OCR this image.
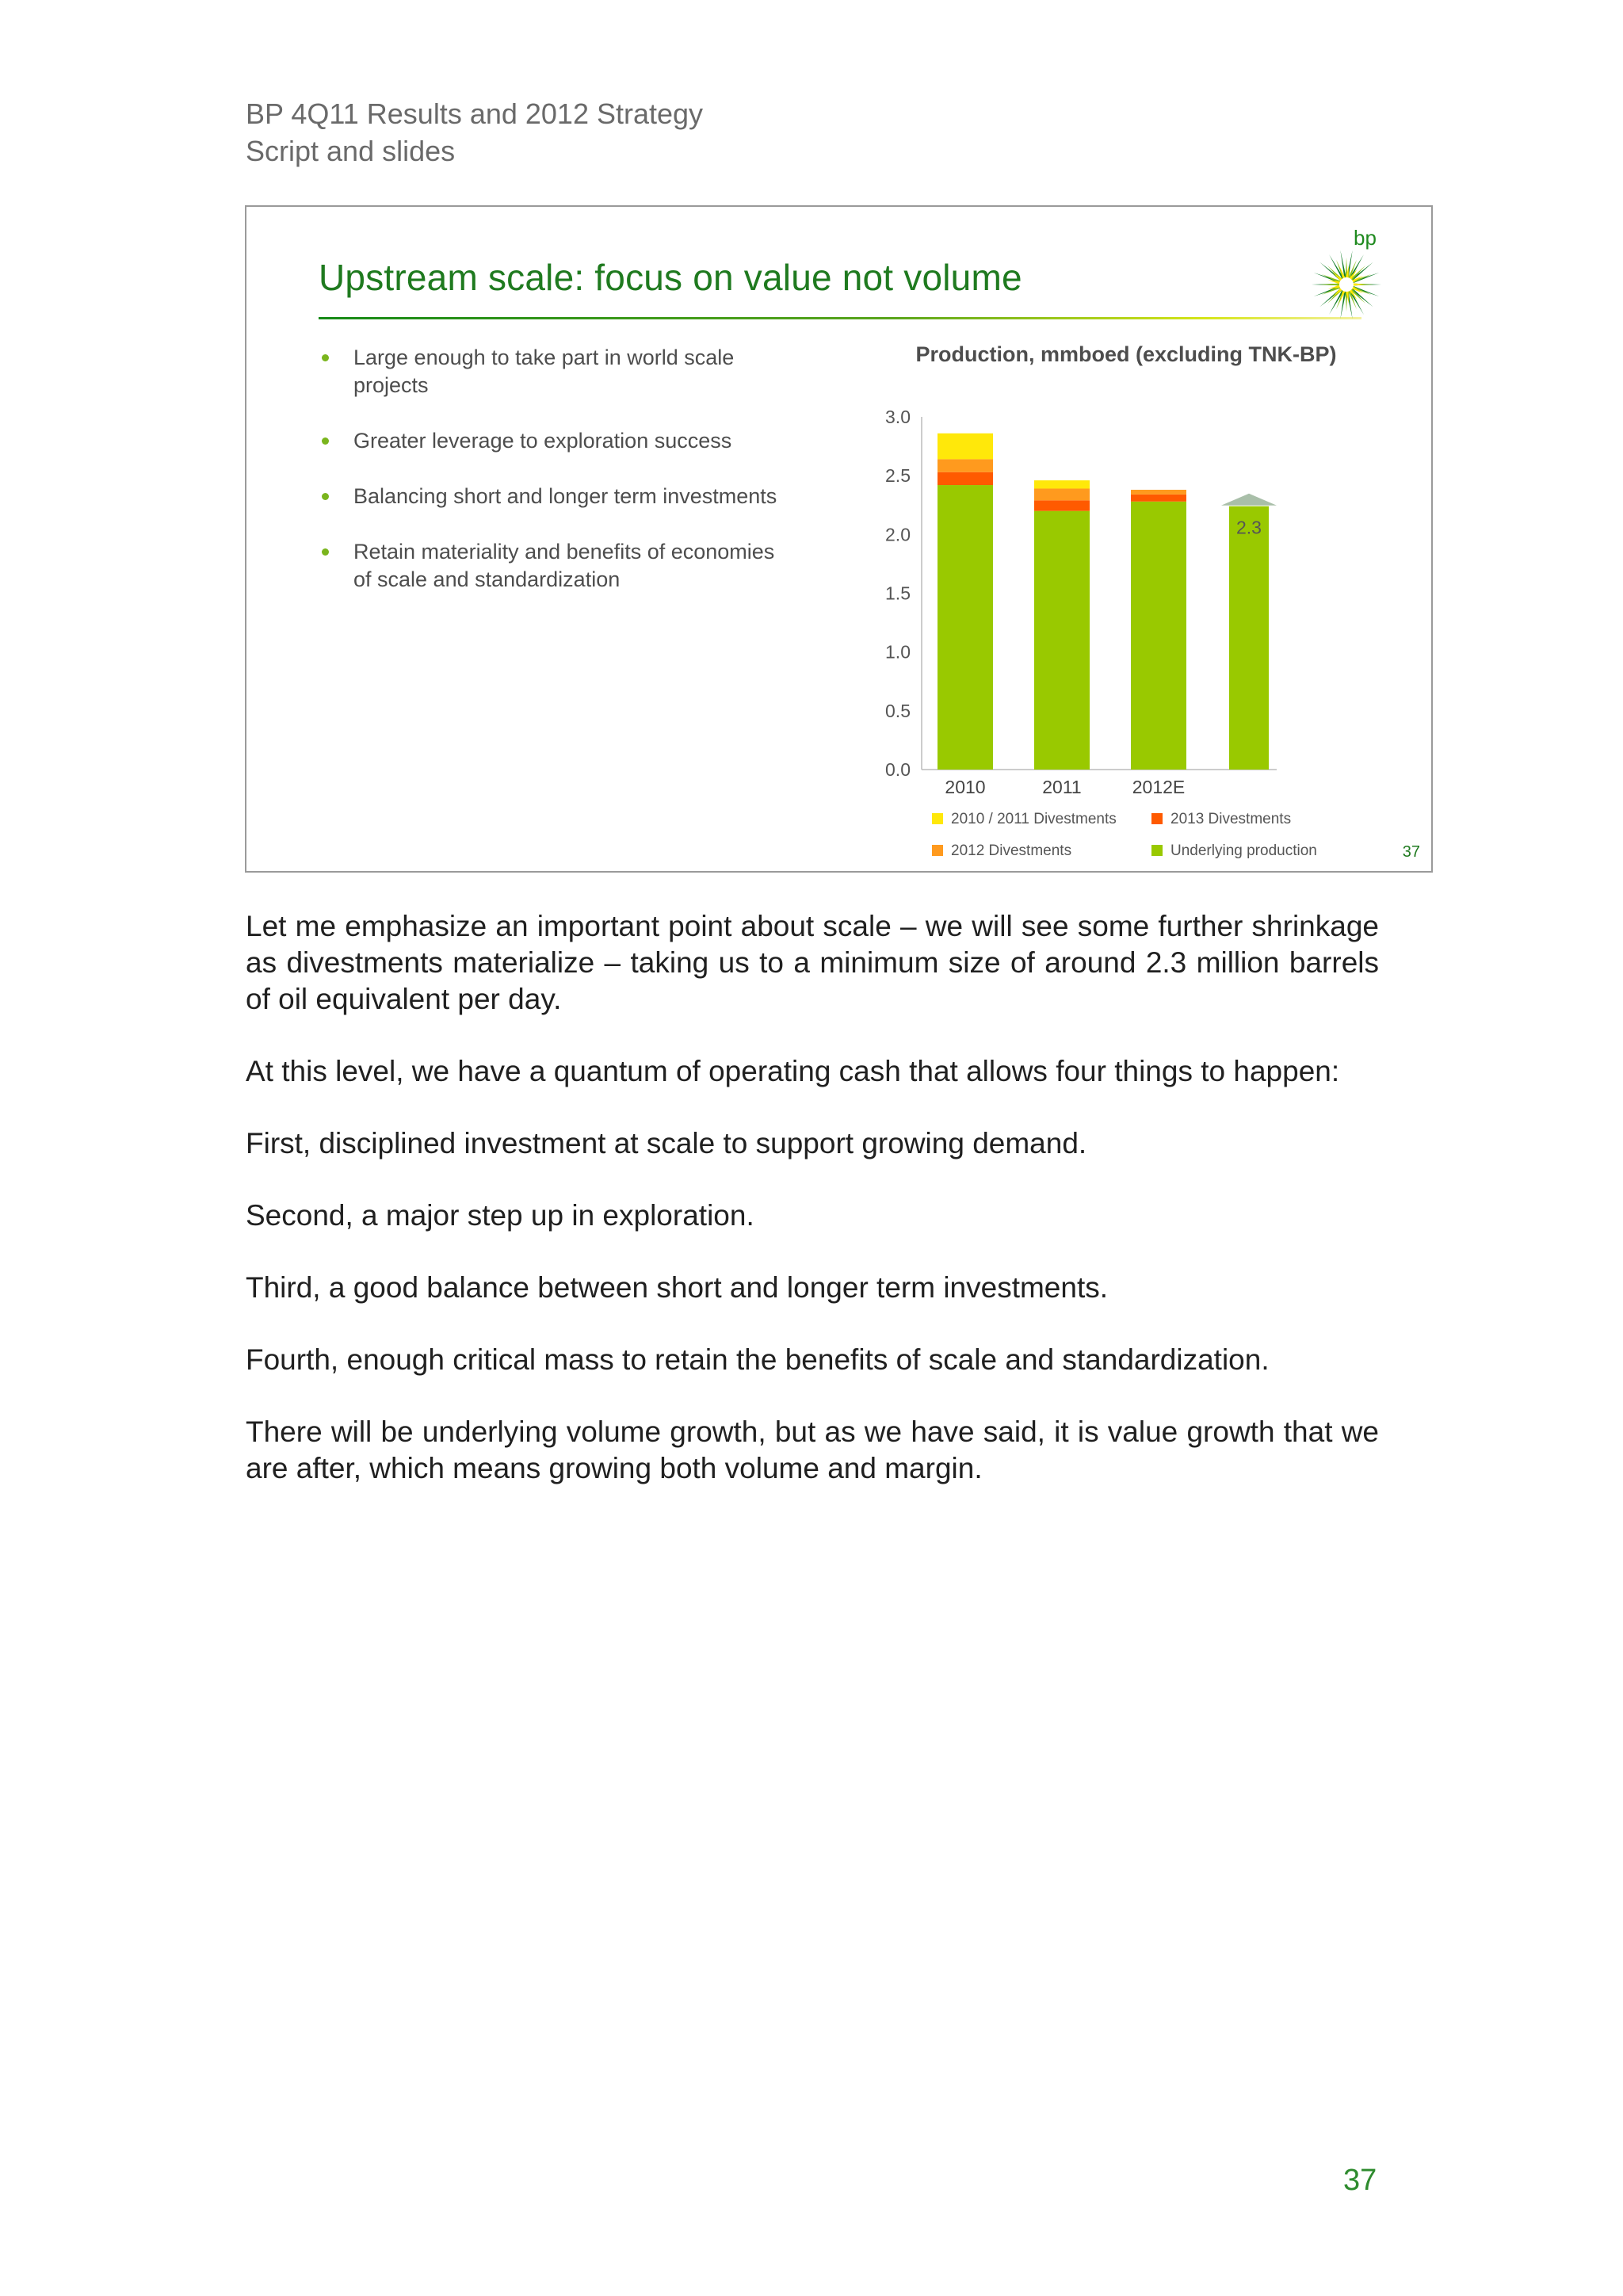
BP 4Q11 Results and 2012 Strategy
Script and slides
Upstream scale: focus on value not volume
bp
Large enough to take part in world scale projects
Greater leverage to exploration success
Balancing short and longer term investments
Retain materiality and benefits of economies of scale and standardization
Production, mmboed (excluding TNK-BP)
0.0
0.5
1.0
1.5
2.0
2.5
3.0
2010	2011	2012E
2.3
2010 / 2011 Divestments	2013 Divestments
2012 Divestments	Underlying production	37

Let me emphasize an important point about scale – we will see some further shrinkage as divestments materialize – taking us to a minimum size of around 2.3 million barrels of oil equivalent per day.

At this level, we have a quantum of operating cash that allows four things to happen:

First, disciplined investment at scale to support growing demand.

Second, a major step up in exploration.

Third, a good balance between short and longer term investments.

Fourth, enough critical mass to retain the benefits of scale and standardization.

There will be underlying volume growth, but as we have said, it is value growth that we are after, which means growing both volume and margin.

37
